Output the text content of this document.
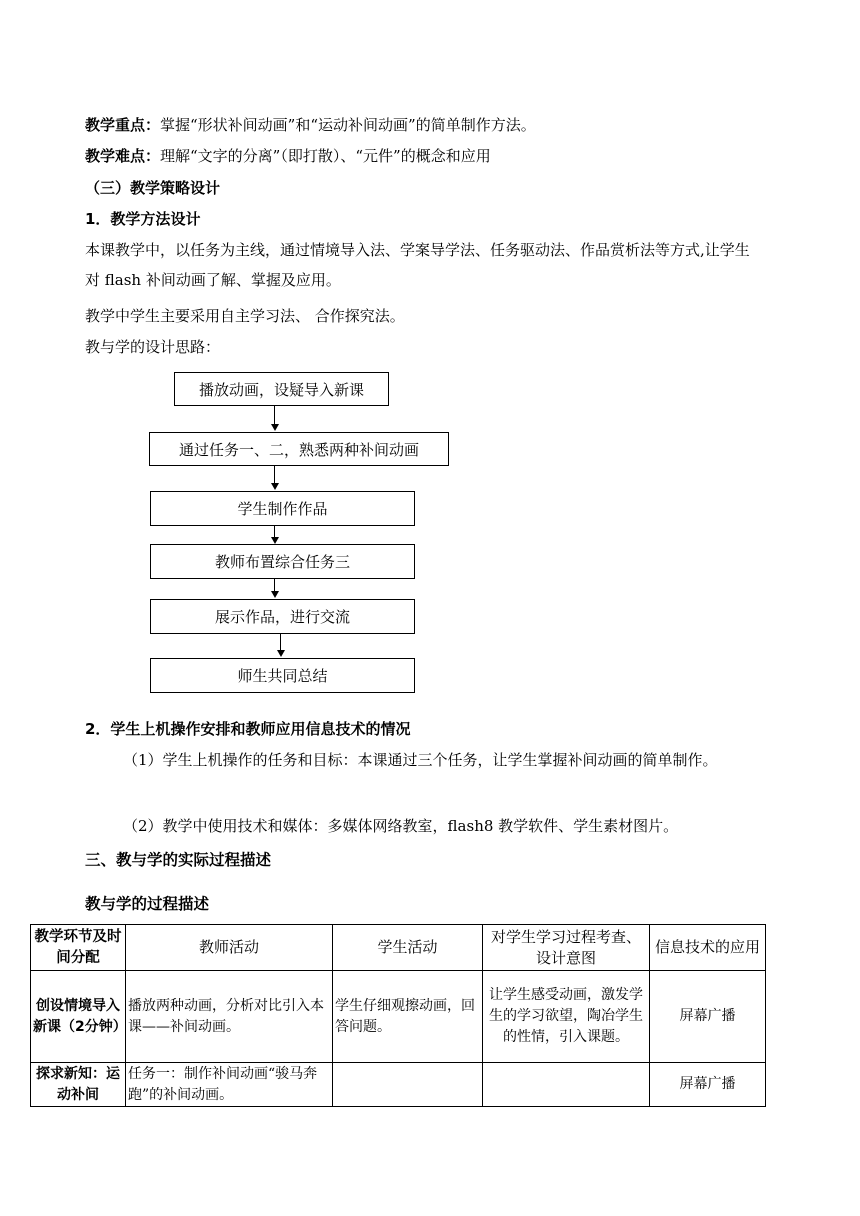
教学重点：掌握“形状补间动画”和“运动补间动画”的简单制作方法。
教学难点：理解“文字的分离”（即打散）、“元件”的概念和应用
（三）教学策略设计
1．教学方法设计
本课教学中，以任务为主线，通过情境导入法、学案导学法、任务驱动法、作品赏析法等方式,让学生对 flash 补间动画了解、掌握及应用。
教学中学生主要采用自主学习法、 合作探究法。
教与学的设计思路：
播放动画，设疑导入新课
通过任务一、二，熟悉两种补间动画
学生制作作品
教师布置综合任务三
展示作品，进行交流
师生共同总结
2．学生上机操作安排和教师应用信息技术的情况
（1）学生上机操作的任务和目标：本课通过三个任务，让学生掌握补间动画的简单制作。
（2）教学中使用技术和媒体：多媒体网络教室，flash8 教学软件、学生素材图片。
三、教与学的实际过程描述
教与学的过程描述
教学环节及时间分配	教师活动	学生活动	对学生学习过程考查、设计意图	信息技术的应用
创设情境导入新课（2分钟）	播放两种动画，分析对比引入本课——补间动画。	学生仔细观擦动画，回答问题。	让学生感受动画，激发学生的学习欲望，陶冶学生的性情，引入课题。	屏幕广播
探求新知：运动补间	任务一：制作补间动画“骏马奔跑”的补间动画。			屏幕广播
